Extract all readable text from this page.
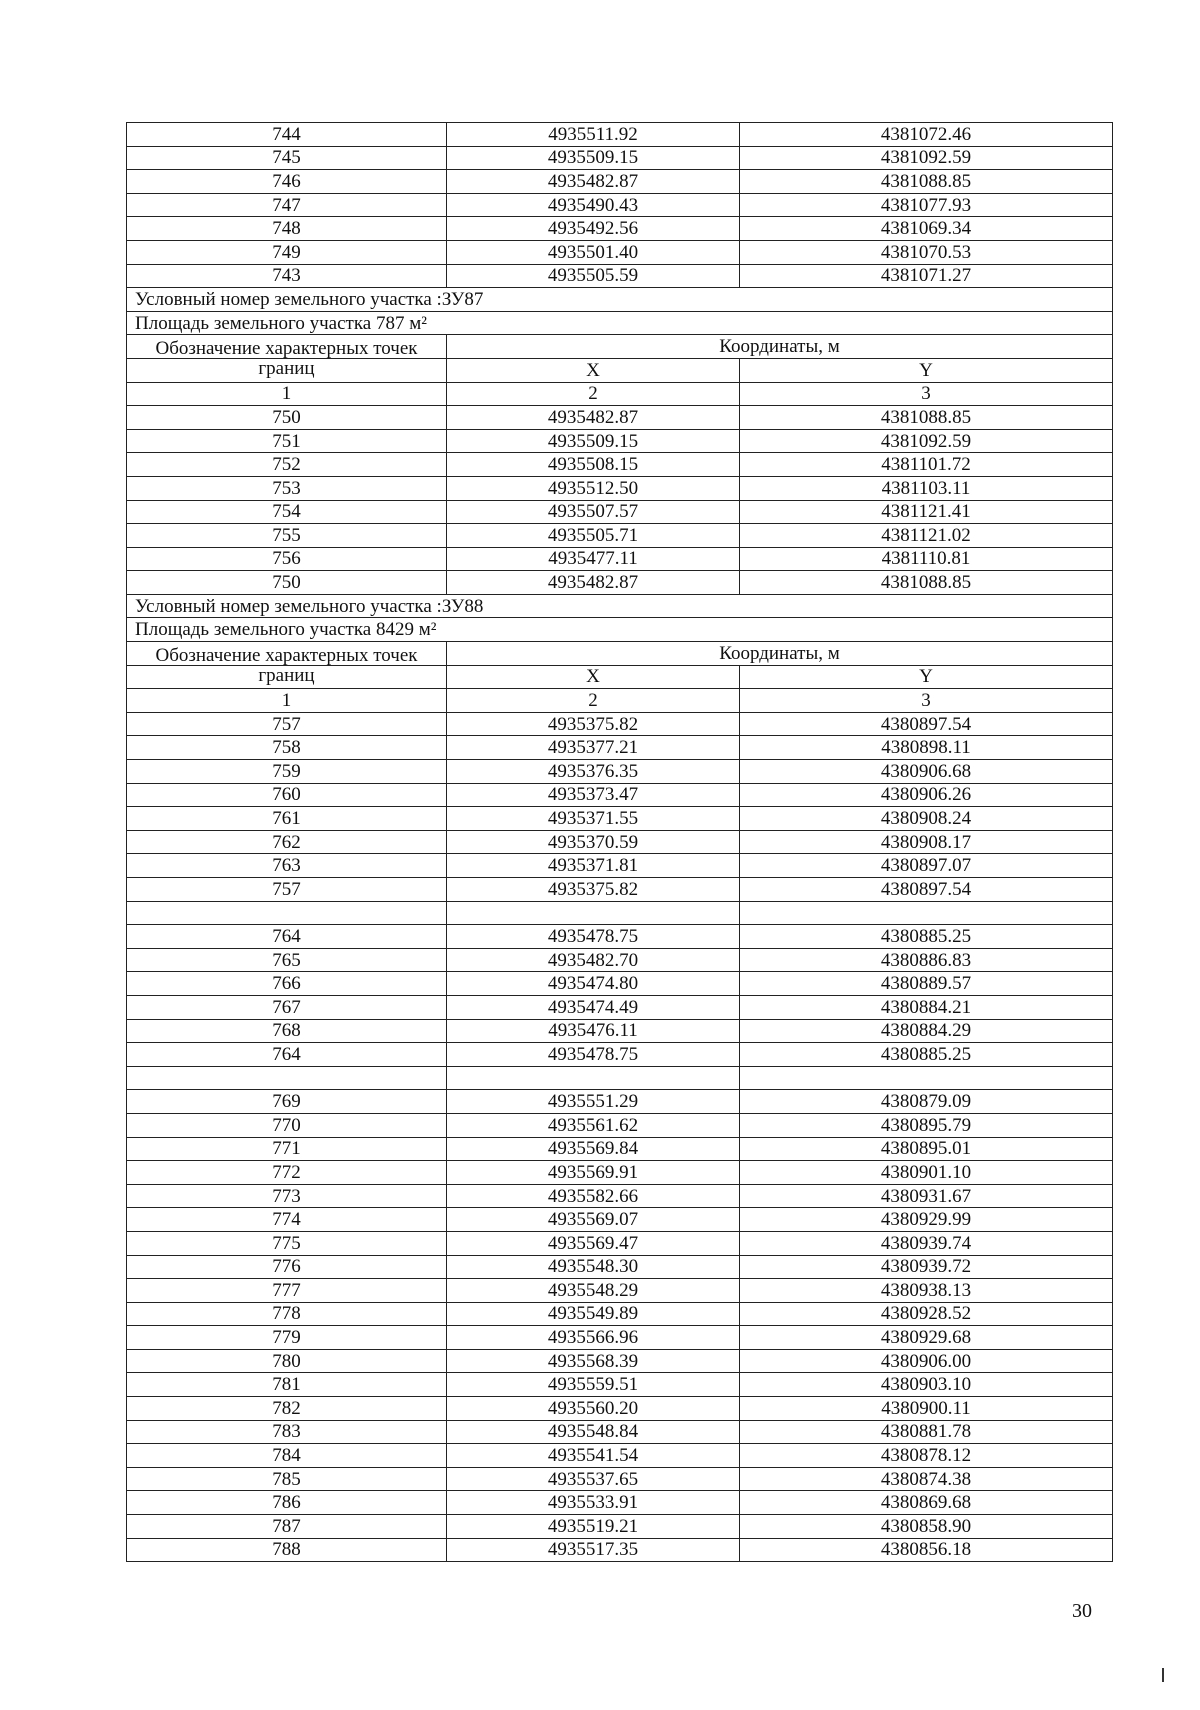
744	4935511.92	4381072.46
745	4935509.15	4381092.59
746	4935482.87	4381088.85
747	4935490.43	4381077.93
748	4935492.56	4381069.34
749	4935501.40	4381070.53
743	4935505.59	4381071.27
Условный номер земельного участка :ЗУ87		
Площадь земельного участка 787 м²		
Обозначение характерных точек	Координаты, м	
границ	X	Y
1	2	3
750	4935482.87	4381088.85
751	4935509.15	4381092.59
752	4935508.15	4381101.72
753	4935512.50	4381103.11
754	4935507.57	4381121.41
755	4935505.71	4381121.02
756	4935477.11	4381110.81
750	4935482.87	4381088.85
Условный номер земельного участка :ЗУ88		
Площадь земельного участка 8429 м²		
Обозначение характерных точек	Координаты, м	
границ	X	Y
1	2	3
757	4935375.82	4380897.54
758	4935377.21	4380898.11
759	4935376.35	4380906.68
760	4935373.47	4380906.26
761	4935371.55	4380908.24
762	4935370.59	4380908.17
763	4935371.81	4380897.07
757	4935375.82	4380897.54

764	4935478.75	4380885.25
765	4935482.70	4380886.83
766	4935474.80	4380889.57
767	4935474.49	4380884.21
768	4935476.11	4380884.29
764	4935478.75	4380885.25

769	4935551.29	4380879.09
770	4935561.62	4380895.79
771	4935569.84	4380895.01
772	4935569.91	4380901.10
773	4935582.66	4380931.67
774	4935569.07	4380929.99
775	4935569.47	4380939.74
776	4935548.30	4380939.72
777	4935548.29	4380938.13
778	4935549.89	4380928.52
779	4935566.96	4380929.68
780	4935568.39	4380906.00
781	4935559.51	4380903.10
782	4935560.20	4380900.11
783	4935548.84	4380881.78
784	4935541.54	4380878.12
785	4935537.65	4380874.38
786	4935533.91	4380869.68
787	4935519.21	4380858.90
788	4935517.35	4380856.18
30
